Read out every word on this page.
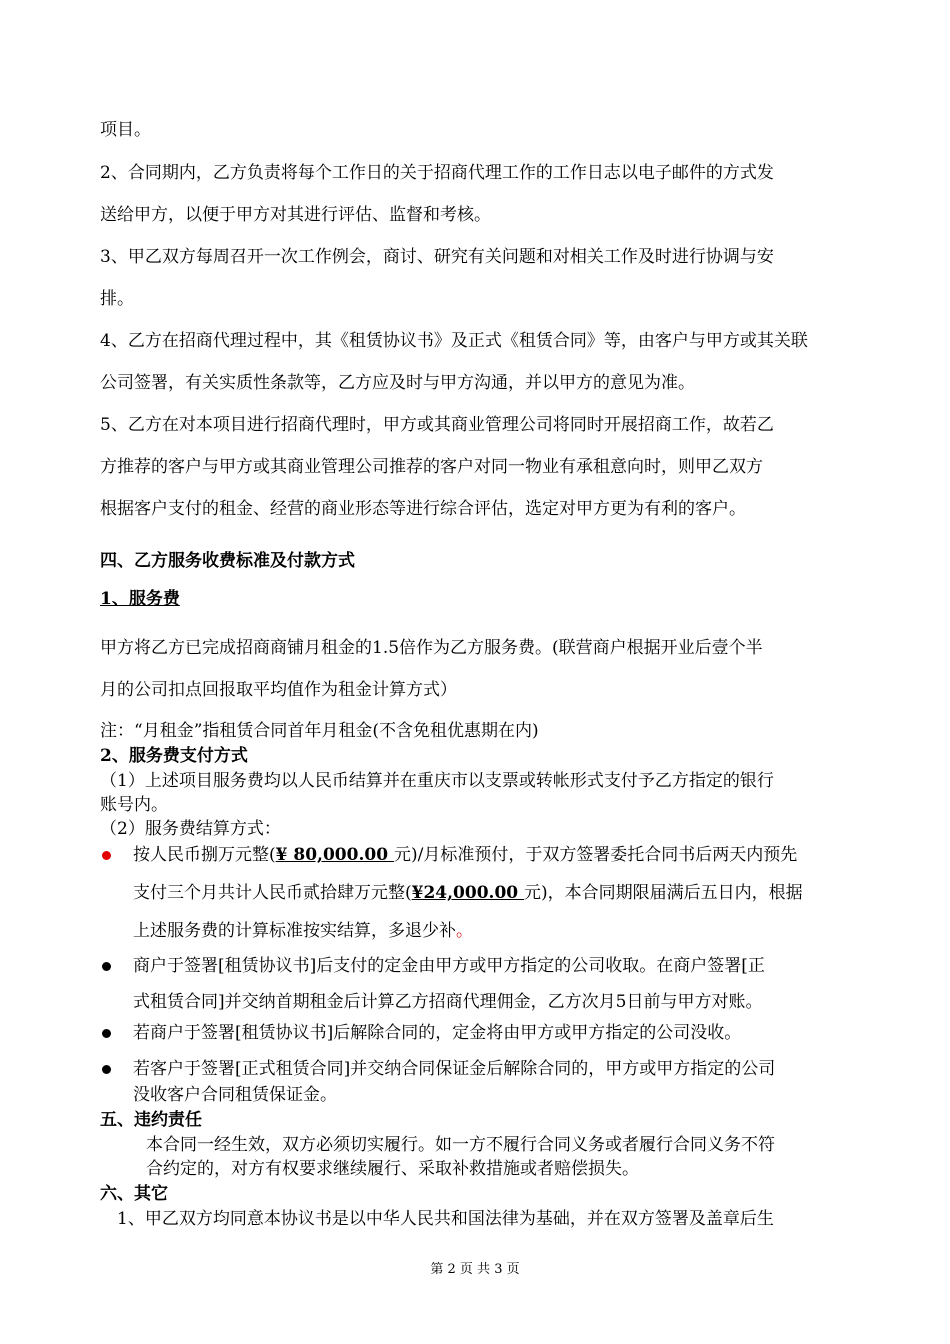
项目。
2、合同期内，乙方负责将每个工作日的关于招商代理工作的工作日志以电子邮件的方式发
送给甲方，以便于甲方对其进行评估、监督和考核。
3、甲乙双方每周召开一次工作例会，商讨、研究有关问题和对相关工作及时进行协调与安
排。
4、乙方在招商代理过程中，其《租赁协议书》及正式《租赁合同》等，由客户与甲方或其关联
公司签署，有关实质性条款等，乙方应及时与甲方沟通，并以甲方的意见为准。
5、乙方在对本项目进行招商代理时，甲方或其商业管理公司将同时开展招商工作，故若乙
方推荐的客户与甲方或其商业管理公司推荐的客户对同一物业有承租意向时，则甲乙双方
根据客户支付的租金、经营的商业形态等进行综合评估，选定对甲方更为有利的客户。
四、乙方服务收费标准及付款方式
1、服务费
甲方将乙方已完成招商商铺月租金的1.5倍作为乙方服务费。(联营商户根据开业后壹个半
月的公司扣点回报取平均值作为租金计算方式）
注：“月租金”指租赁合同首年月租金(不含免租优惠期在内)
2、服务费支付方式
（1）上述项目服务费均以人民币结算并在重庆市以支票或转帐形式支付予乙方指定的银行
账号内。
（2）服务费结算方式：
按人民币捌万元整(¥ 80,000.00 元)/月标准预付，于双方签署委托合同书后两天内预先
支付三个月共计人民币贰拾肆万元整(¥24,000.00 元)，本合同期限届满后五日内，根据
上述服务费的计算标准按实结算，多退少补。
商户于签署[租赁协议书]后支付的定金由甲方或甲方指定的公司收取。在商户签署[正
式租赁合同]并交纳首期租金后计算乙方招商代理佣金，乙方次月5日前与甲方对账。
若商户于签署[租赁协议书]后解除合同的，定金将由甲方或甲方指定的公司没收。
若客户于签署[正式租赁合同]并交纳合同保证金后解除合同的，甲方或甲方指定的公司
没收客户合同租赁保证金。
五、违约责任
本合同一经生效，双方必须切实履行。如一方不履行合同义务或者履行合同义务不符
合约定的，对方有权要求继续履行、采取补救措施或者赔偿损失。
六、其它
1、甲乙双方均同意本协议书是以中华人民共和国法律为基础，并在双方签署及盖章后生
第 2 页 共 3 页
